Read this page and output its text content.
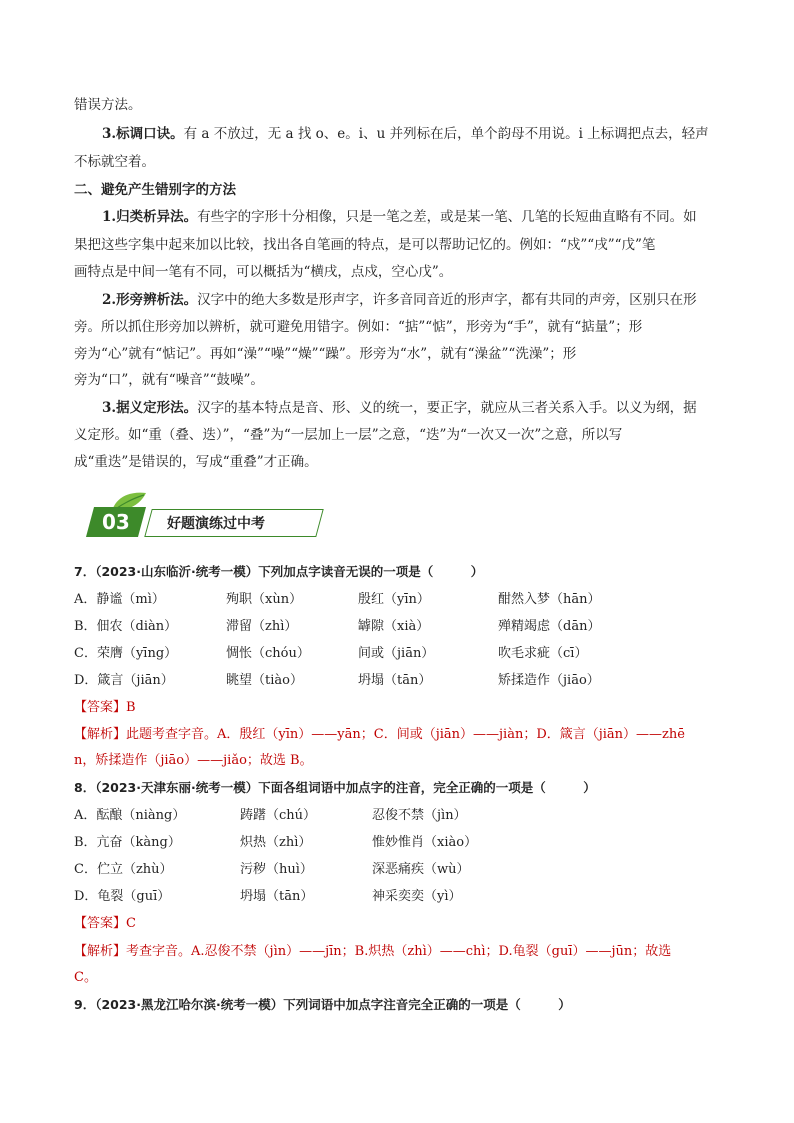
错误方法。
3.标调口诀。有 a 不放过，无 a 找 o、e。i、u 并列标在后，单个韵母不用说。i 上标调把点去，轻声
不标就空着。
二、避免产生错别字的方法
1.归类析异法。有些字的字形十分相像，只是一笔之差，或是某一笔、几笔的长短曲直略有不同。如
果把这些字集中起来加以比较，找出各自笔画的特点，是可以帮助记忆的。例如：“戍”“戌”“戊”笔
画特点是中间一笔有不同，可以概括为“横戌，点戍，空心戊”。
2.形旁辨析法。汉字中的绝大多数是形声字，许多音同音近的形声字，都有共同的声旁，区别只在形
旁。所以抓住形旁加以辨析，就可避免用错字。例如：“掂”“惦”，形旁为“手”，就有“掂量”；形
旁为“心”就有“惦记”。再如“澡”“噪”“燥”“躁”。形旁为“水”，就有“澡盆”“洗澡”；形
旁为“口”，就有“噪音”“鼓噪”。
3.据义定形法。汉字的基本特点是音、形、义的统一，要正字，就应从三者关系入手。以义为纲，据
义定形。如“重（叠、迭）”，“叠”为“一层加上一层”之意，“迭”为“一次又一次”之意，所以写
成“重迭”是错误的，写成“重叠”才正确。
03	好题演练过中考
7．（2023·山东临沂·统考一模）下列加点字读音无误的一项是（　　　）
A．静谧（mì）	殉职（xùn）	殷红（yīn）	酣然入梦（hān）
B．佃农（diàn）	滞留（zhì）	罅隙（xià）	殚精竭虑（dān）
C．荣膺（yīng）	惆怅（chóu）	间或（jiān）	吹毛求疵（cī）
D．箴言（jiān）	眺望（tiào）	坍塌（tān）	矫揉造作（jiāo）
【答案】B
【解析】此题考查字音。A．殷红（yīn）——yān；C．间或（jiān）——jiàn；D．箴言（jiān）——zhē
n，矫揉造作（jiāo）——jiǎo；故选 B。
8．（2023·天津东丽·统考一模）下面各组词语中加点字的注音，完全正确的一项是（　　　）
A．酝酿（niàng）	踌躇（chú）	忍俊不禁（jìn）
B．亢奋（kàng）	炽热（zhì）	惟妙惟肖（xiào）
C．伫立（zhù）	污秽（huì）	深恶痛疾（wù）
D．龟裂（guī）	坍塌（tān）	神采奕奕（yì）
【答案】C
【解析】考查字音。A.忍俊不禁（jìn）——jīn；B.炽热（zhì）——chì；D.龟裂（guī）——jūn；故选
C。
9．（2023·黑龙江哈尔滨·统考一模）下列词语中加点字注音完全正确的一项是（　　　）
